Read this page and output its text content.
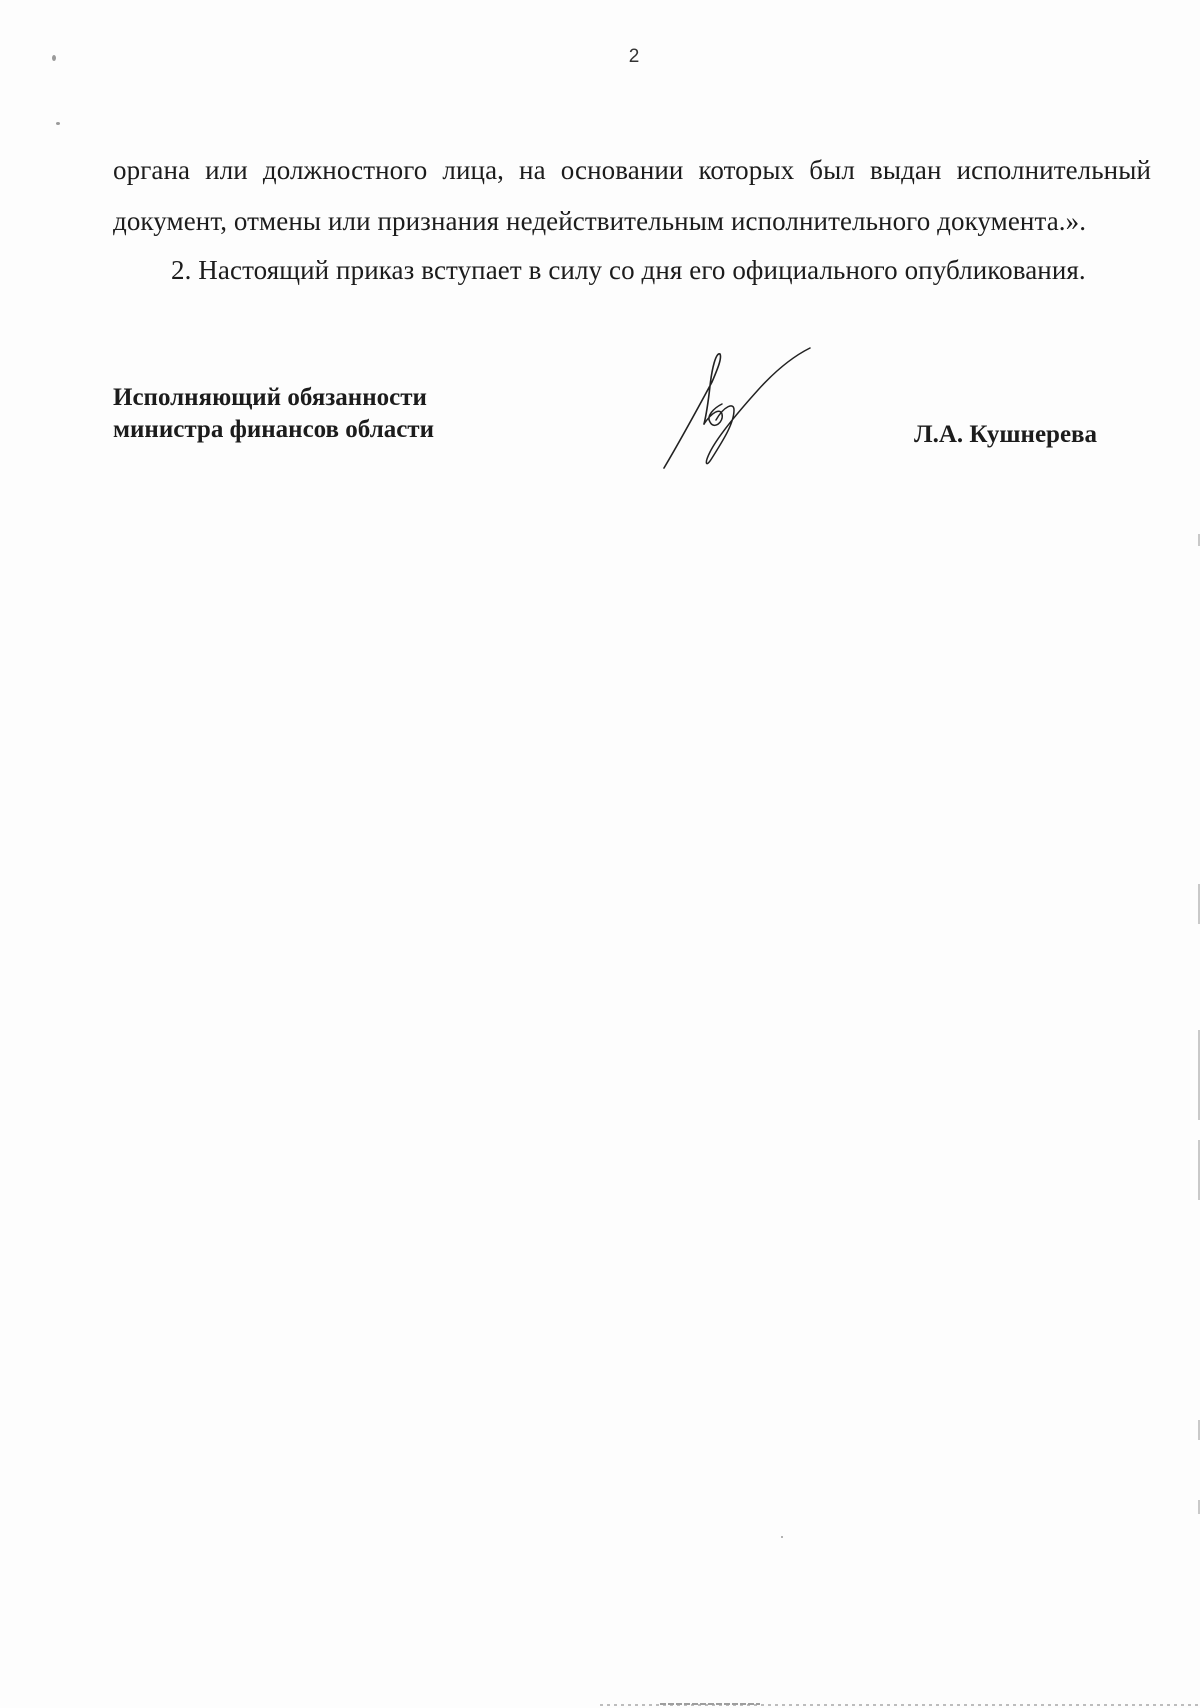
2

органа или должностного лица, на основании которых был выдан исполнительный документ, отмены или признания недействительным исполнительного документа.».

2. Настоящий приказ вступает в силу со дня его официального опубликования.

Исполняющий обязанности
министра финансов области	Л.А. Кушнерева
